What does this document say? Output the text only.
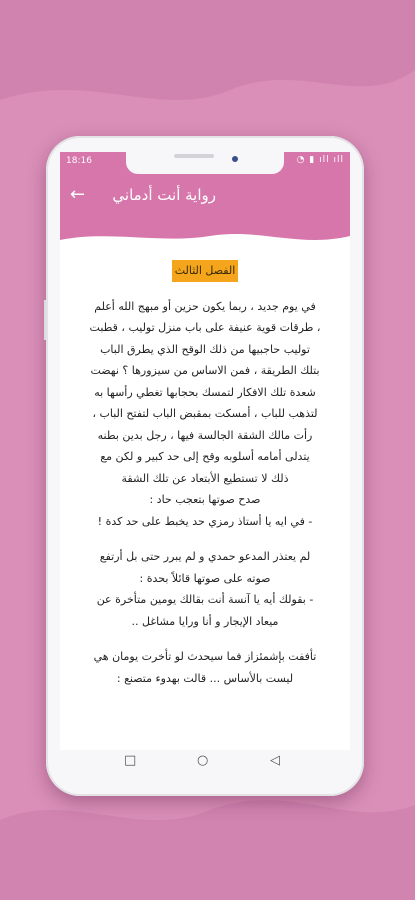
18:16	◔ ▮ ıll ıll
← رواية أنت أدماني
الفصل الثالث

في يوم جديد ، ربما يكون حزين أو مبهج الله أعلم

، طرقات قوية عنيفة على باب منزل توليب ، قطبت

توليب حاجبيها من ذلك الوقح الذي يطرق الباب

بتلك الطريقة ، فمن الاساس من سيزورها ؟ نهضت

شعدة تلك الافكار لتمسك بحجابها تغطي رأسها به

لتذهب للباب ، أمسكت بمقبض الباب لتفتح الباب ،

رأت مالك الشقة الجالسة فيها ، رجل بدين بطنه

يتدلى أمامه أسلوبه وقح إلى حد كبير و لكن مع

ذلك لا تستطيع الأبتعاد عن تلك الشقة

صدح صوتها بتعجب حاد :

- في ايه يا أستاذ رمزي حد يخبط على حد كدة !

لم يعتذر المدعو حمدي و لم يبرر حتى بل أرتفع

صوته على صوتها قائلاً بحدة :

- بقولك أيه يا آنسة أنت بقالك يومين متأخرة عن

ميعاد الإيجار و أنا ورايا مشاغل ..

تأففت بإشمئزاز فما سيحدث لو تأخرت يومان هي

ليست بالأساس ... قالت بهدوء متصنع :

□	○	◁
